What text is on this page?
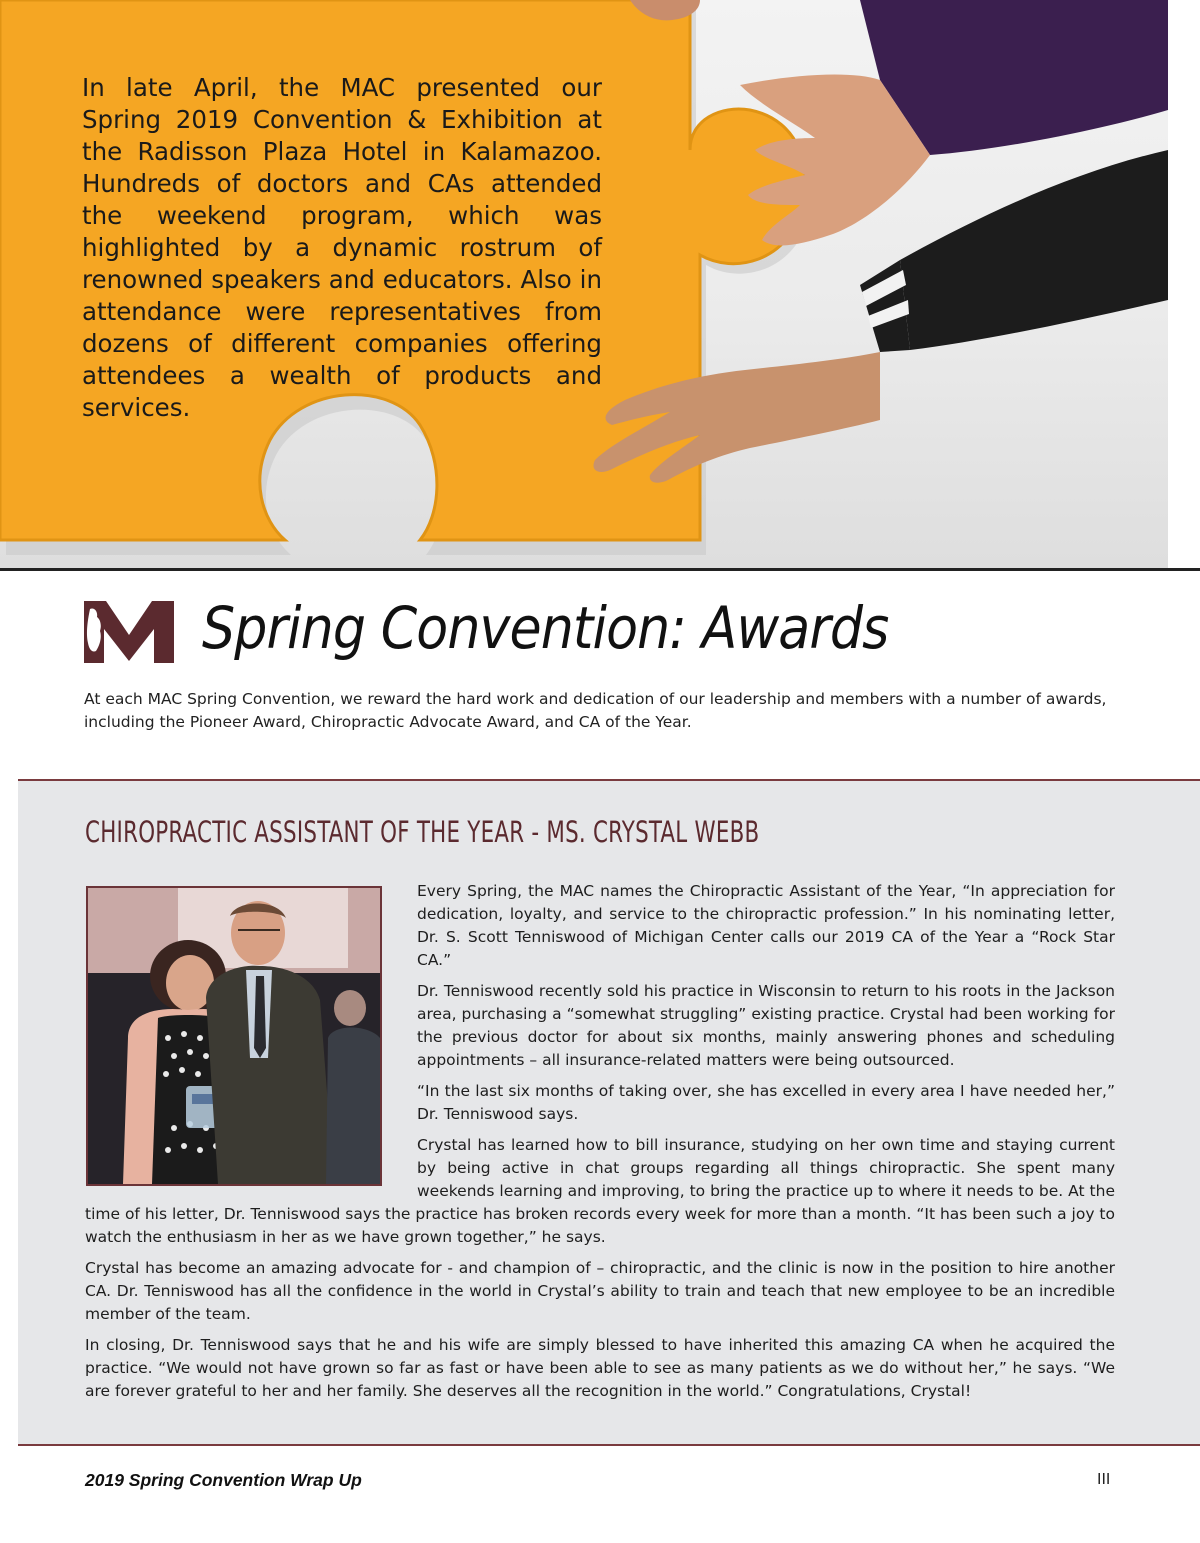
In late April, the MAC presented our Spring 2019 Convention & Exhibition at the Radisson Plaza Hotel in Kalamazoo. Hundreds of doctors and CAs attended the weekend program, which was highlighted by a dynamic rostrum of renowned speakers and educators. Also in attendance were representatives from dozens of different companies offering attendees a wealth of products and services.

Spring Convention: Awards

At each MAC Spring Convention, we reward the hard work and dedication of our leadership and members with a number of awards, including the Pioneer Award, Chiropractic Advocate Award, and CA of the Year.

CHIROPRACTIC ASSISTANT OF THE YEAR - MS. CRYSTAL WEBB

Every Spring, the MAC names the Chiropractic Assistant of the Year, “In appreciation for dedication, loyalty, and service to the chiropractic profession.” In his nominating letter, Dr. S. Scott Tenniswood of Michigan Center calls our 2019 CA of the Year a “Rock Star CA.”

Dr. Tenniswood recently sold his practice in Wisconsin to return to his roots in the Jackson area, purchasing a “somewhat struggling” existing practice. Crystal had been working for the previous doctor for about six months, mainly answering phones and scheduling appointments – all insurance-related matters were being outsourced.

“In the last six months of taking over, she has excelled in every area I have needed her,” Dr. Tenniswood says.

Crystal has learned how to bill insurance, studying on her own time and staying current by being active in chat groups regarding all things chiropractic. She spent many weekends learning and improving, to bring the practice up to where it needs to be. At the time of his letter, Dr. Tenniswood says the practice has broken records every week for more than a month. “It has been such a joy to watch the enthusiasm in her as we have grown together,” he says.

Crystal has become an amazing advocate for - and champion of – chiropractic, and the clinic is now in the position to hire another CA. Dr. Tenniswood has all the confidence in the world in Crystal’s ability to train and teach that new employee to be an incredible member of the team.

In closing, Dr. Tenniswood says that he and his wife are simply blessed to have inherited this amazing CA when he acquired the practice. “We would not have grown so far as fast or have been able to see as many patients as we do without her,” he says. “We are forever grateful to her and her family. She deserves all the recognition in the world.” Congratulations, Crystal!

2019 Spring Convention Wrap Up	III
